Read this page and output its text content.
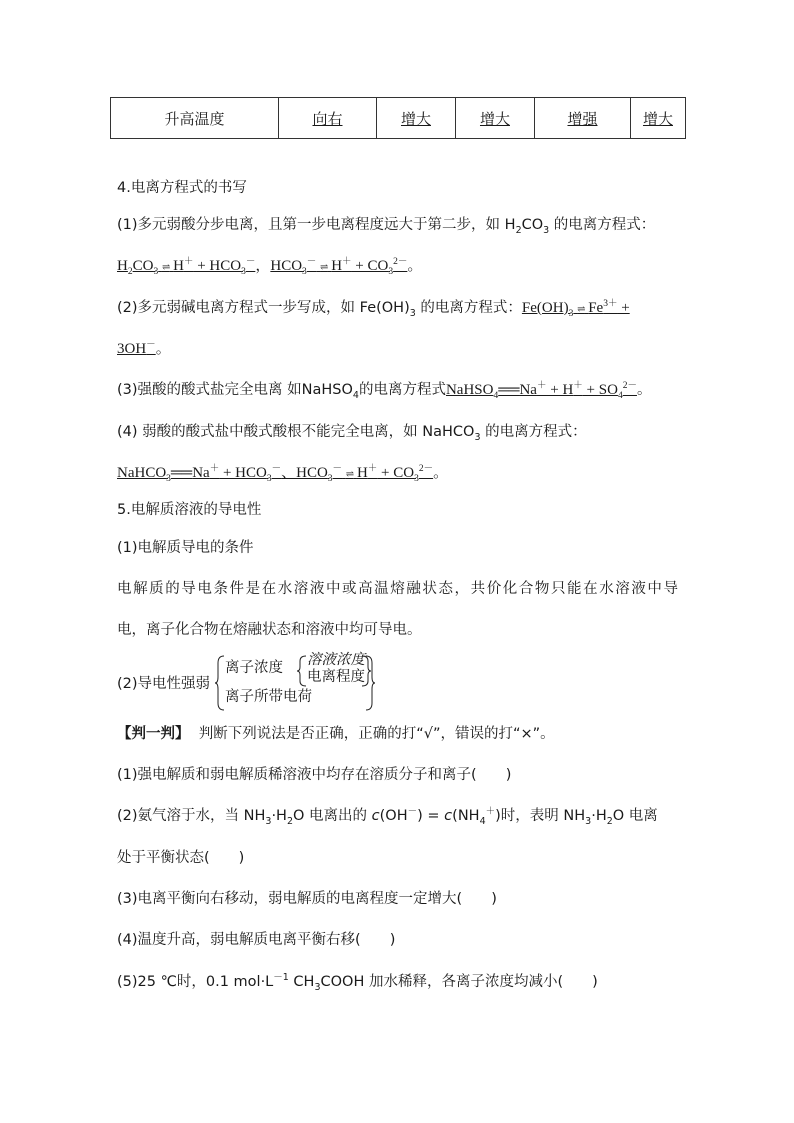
升高温度	向右	增大	增大	增强	增大
4.电离方程式的书写
(1)多元弱酸分步电离，且第一步电离程度远大于第二步，如 $H_2CO_3$ 的电离方程式：
$H_2CO_3$ ⇌ $H^+ + HCO_3^-$，$HCO_3^-$ ⇌ $H^+ + CO_3^{2-}$。
(2)多元弱碱电离方程式一步写成，如 $Fe(OH)_3$ 的电离方程式：$Fe(OH)_3$ ⇌ $Fe^{3+}$ +
3OH－。
(3)强酸的酸式盐完全电离 如NaHSO$_4$的电离方程式NaHSO$_4$══Na＋ + $H^+ + SO_4^{2-}$。
(4) 弱酸的酸式盐中酸式酸根不能完全电离，如 NaHCO$_3$ 的电离方程式：
NaHCO$_3$══Na＋ + $HCO_3^-$、$HCO_3^-$ ⇌ $H^+ + CO_3^{2-}$。
5.电解质溶液的导电性
(1)电解质导电的条件
电解质的导电条件是在水溶液中或高温熔融状态，共价化合物只能在水溶液中导
电，离子化合物在熔融状态和溶液中均可导电。
(2)导电性强弱
离子浓度
离子所带电荷
溶液浓度
电离程度
【判一判】 判断下列说法是否正确，正确的打“√”，错误的打“×”。
(1)强电解质和弱电解质稀溶液中均存在溶质分子和离子(　　)
(2)氨气溶于水，当 $NH_3\cdot H_2O$ 电离出的 $c(OH^-) = c(NH_4^+)$时，表明 $NH_3\cdot H_2O$ 电离
处于平衡状态(　　)
(3)电离平衡向右移动，弱电解质的电离程度一定增大(　　)
(4)温度升高，弱电解质电离平衡右移(　　)
(5)25 ℃时，0.1 $mol\cdot L^{-1}$ $CH_3COOH$ 加水稀释，各离子浓度均减小(　　)
